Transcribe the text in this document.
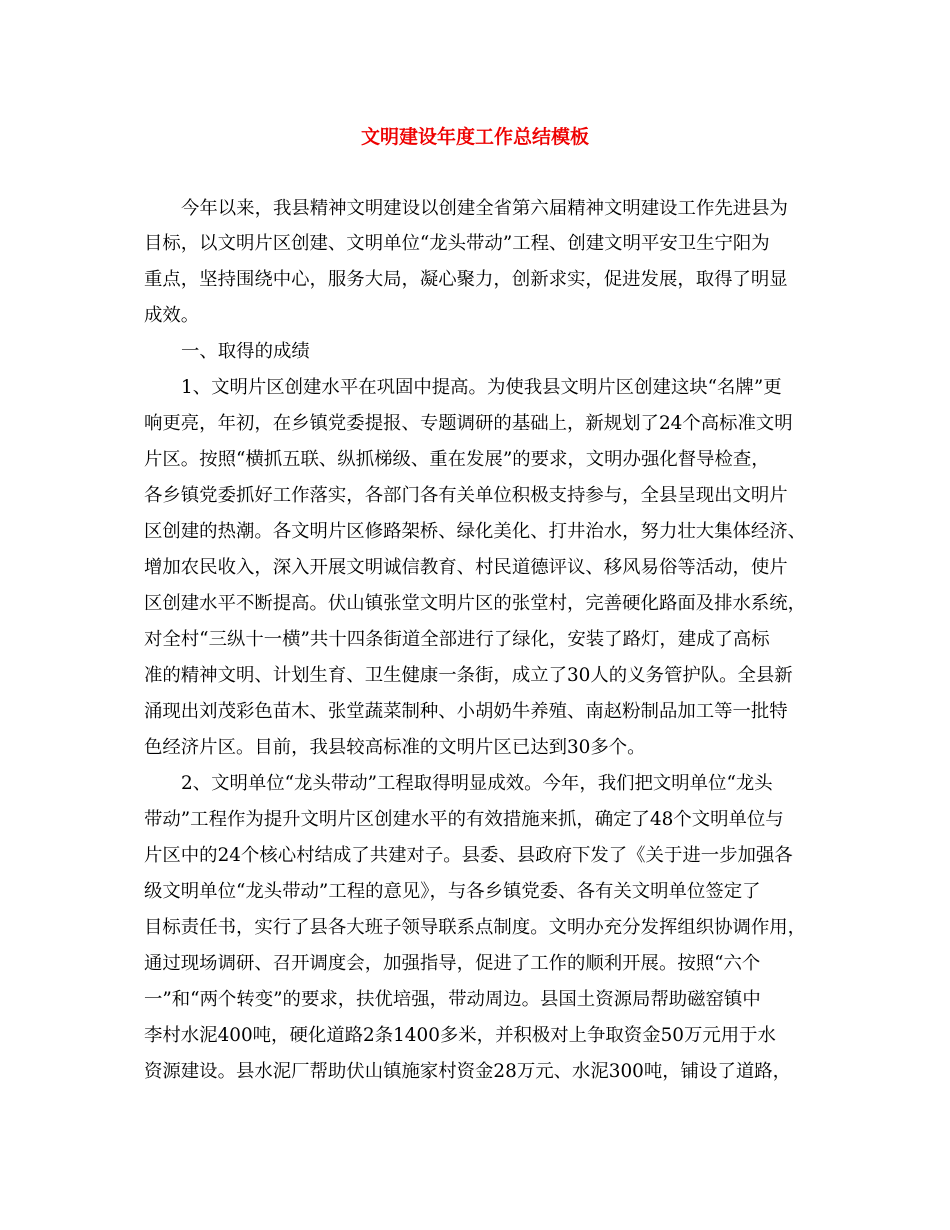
文明建设年度工作总结模板

今年以来，我县精神文明建设以创建全省第六届精神文明建设工作先进县为

目标，以文明片区创建、文明单位“龙头带动”工程、创建文明平安卫生宁阳为

重点，坚持围绕中心，服务大局，凝心聚力，创新求实，促进发展，取得了明显

成效。

一、取得的成绩

1、文明片区创建水平在巩固中提高。为使我县文明片区创建这块“名牌”更

响更亮，年初，在乡镇党委提报、专题调研的基础上，新规划了24个高标准文明

片区。按照“横抓五联、纵抓梯级、重在发展”的要求，文明办强化督导检查，

各乡镇党委抓好工作落实，各部门各有关单位积极支持参与，全县呈现出文明片

区创建的热潮。各文明片区修路架桥、绿化美化、打井治水，努力壮大集体经济、

增加农民收入，深入开展文明诚信教育、村民道德评议、移风易俗等活动，使片

区创建水平不断提高。伏山镇张堂文明片区的张堂村，完善硬化路面及排水系统，

对全村“三纵十一横”共十四条街道全部进行了绿化，安装了路灯，建成了高标

准的精神文明、计划生育、卫生健康一条街，成立了30人的义务管护队。全县新

涌现出刘茂彩色苗木、张堂蔬菜制种、小胡奶牛养殖、南赵粉制品加工等一批特

色经济片区。目前，我县较高标准的文明片区已达到30多个。

2、文明单位“龙头带动”工程取得明显成效。今年，我们把文明单位“龙头

带动”工程作为提升文明片区创建水平的有效措施来抓，确定了48个文明单位与

片区中的24个核心村结成了共建对子。县委、县政府下发了《关于进一步加强各

级文明单位“龙头带动”工程的意见》，与各乡镇党委、各有关文明单位签定了

目标责任书，实行了县各大班子领导联系点制度。文明办充分发挥组织协调作用，

通过现场调研、召开调度会，加强指导，促进了工作的顺利开展。按照“六个

一”和“两个转变”的要求，扶优培强，带动周边。县国土资源局帮助磁窑镇中

李村水泥400吨，硬化道路2条1400多米，并积极对上争取资金50万元用于水

资源建设。县水泥厂帮助伏山镇施家村资金28万元、水泥300吨，铺设了道路，
